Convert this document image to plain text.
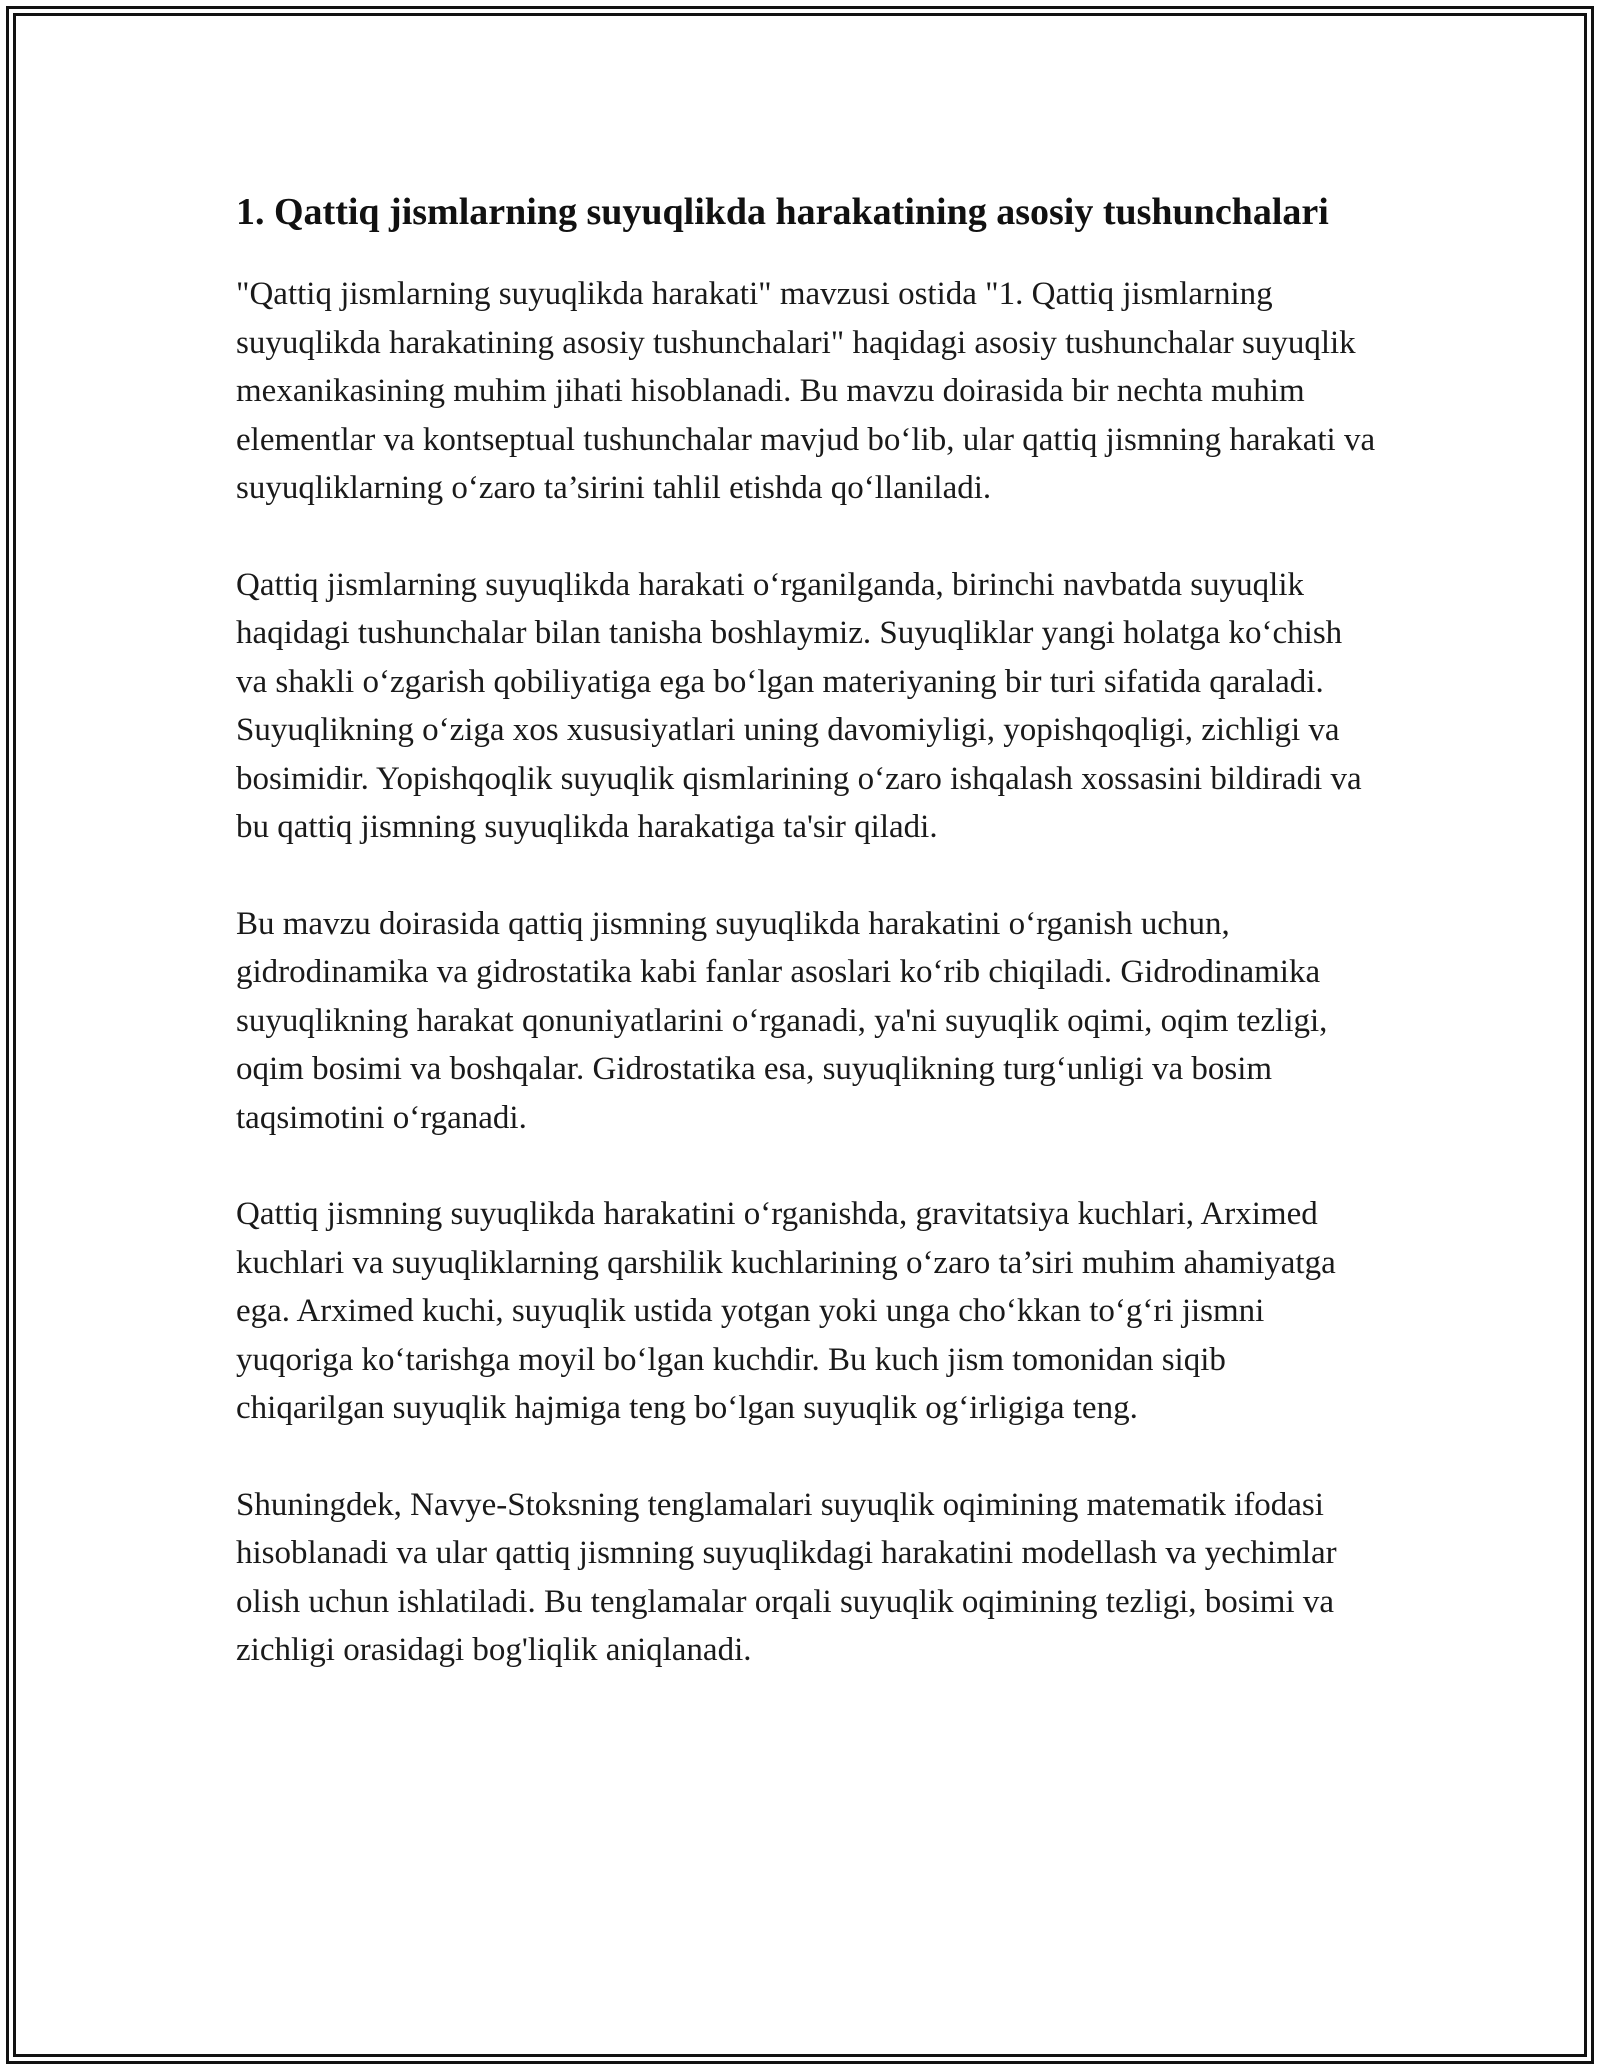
1. Qattiq jismlarning suyuqlikda harakatining asosiy tushunchalari

"Qattiq jismlarning suyuqlikda harakati" mavzusi ostida "1. Qattiq jismlarning suyuqlikda harakatining asosiy tushunchalari" haqidagi asosiy tushunchalar suyuqlik mexanikasining muhim jihati hisoblanadi. Bu mavzu doirasida bir nechta muhim elementlar va kontseptual tushunchalar mavjud bo‘lib, ular qattiq jismning harakati va suyuqliklarning o‘zaro ta’sirini tahlil etishda qo‘llaniladi.

Qattiq jismlarning suyuqlikda harakati o‘rganilganda, birinchi navbatda suyuqlik haqidagi tushunchalar bilan tanisha boshlaymiz. Suyuqliklar yangi holatga ko‘chish va shakli o‘zgarish qobiliyatiga ega bo‘lgan materiyaning bir turi sifatida qaraladi. Suyuqlikning o‘ziga xos xususiyatlari uning davomiyligi, yopishqoqligi, zichligi va bosimidir. Yopishqoqlik suyuqlik qismlarining o‘zaro ishqalash xossasini bildiradi va bu qattiq jismning suyuqlikda harakatiga ta'sir qiladi.

Bu mavzu doirasida qattiq jismning suyuqlikda harakatini o‘rganish uchun, gidrodinamika va gidrostatika kabi fanlar asoslari ko‘rib chiqiladi. Gidrodinamika suyuqlikning harakat qonuniyatlarini o‘rganadi, ya'ni suyuqlik oqimi, oqim tezligi, oqim bosimi va boshqalar. Gidrostatika esa, suyuqlikning turg‘unligi va bosim taqsimotini o‘rganadi.

Qattiq jismning suyuqlikda harakatini o‘rganishda, gravitatsiya kuchlari, Arximed kuchlari va suyuqliklarning qarshilik kuchlarining o‘zaro ta’siri muhim ahamiyatga ega. Arximed kuchi, suyuqlik ustida yotgan yoki unga cho‘kkan to‘g‘ri jismni yuqoriga ko‘tarishga moyil bo‘lgan kuchdir. Bu kuch jism tomonidan siqib chiqarilgan suyuqlik hajmiga teng bo‘lgan suyuqlik og‘irligiga teng.

Shuningdek, Navye-Stoksning tenglamalari suyuqlik oqimining matematik ifodasi hisoblanadi va ular qattiq jismning suyuqlikdagi harakatini modellash va yechimlar olish uchun ishlatiladi. Bu tenglamalar orqali suyuqlik oqimining tezligi, bosimi va zichligi orasidagi bog'liqlik aniqlanadi.
